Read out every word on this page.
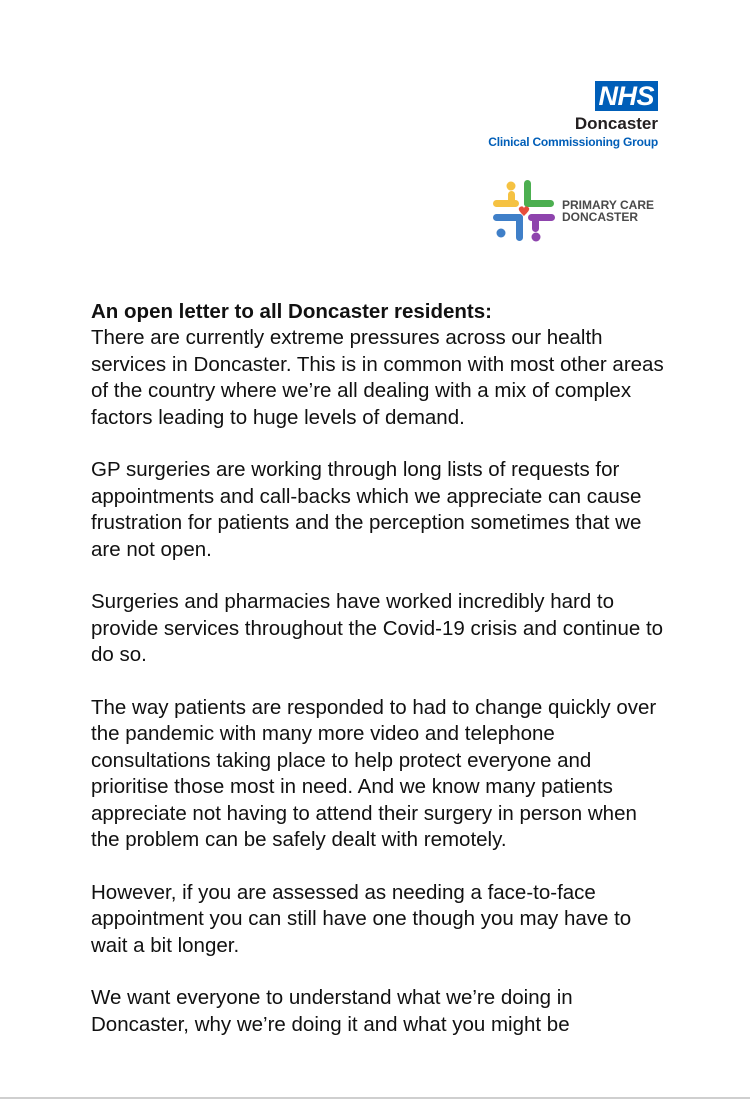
NHS
Doncaster
Clinical Commissioning Group
PRIMARY CARE
DONCASTER
An open letter to all Doncaster residents:

There are currently extreme pressures across our health services in Doncaster. This is in common with most other areas of the country where we’re all dealing with a mix of complex factors leading to huge levels of demand.

GP surgeries are working through long lists of requests for appointments and call-backs which we appreciate can cause frustration for patients and the perception sometimes that we are not open.

Surgeries and pharmacies have worked incredibly hard to provide services throughout the Covid-19 crisis and continue to do so.

The way patients are responded to had to change quickly over the pandemic with many more video and telephone consultations taking place to help protect everyone and prioritise those most in need. And we know many patients appreciate not having to attend their surgery in person when the problem can be safely dealt with remotely.

However, if you are assessed as needing a face-to-face appointment you can still have one though you may have to wait a bit longer.

We want everyone to understand what we’re doing in Doncaster, why we’re doing it and what you might be
